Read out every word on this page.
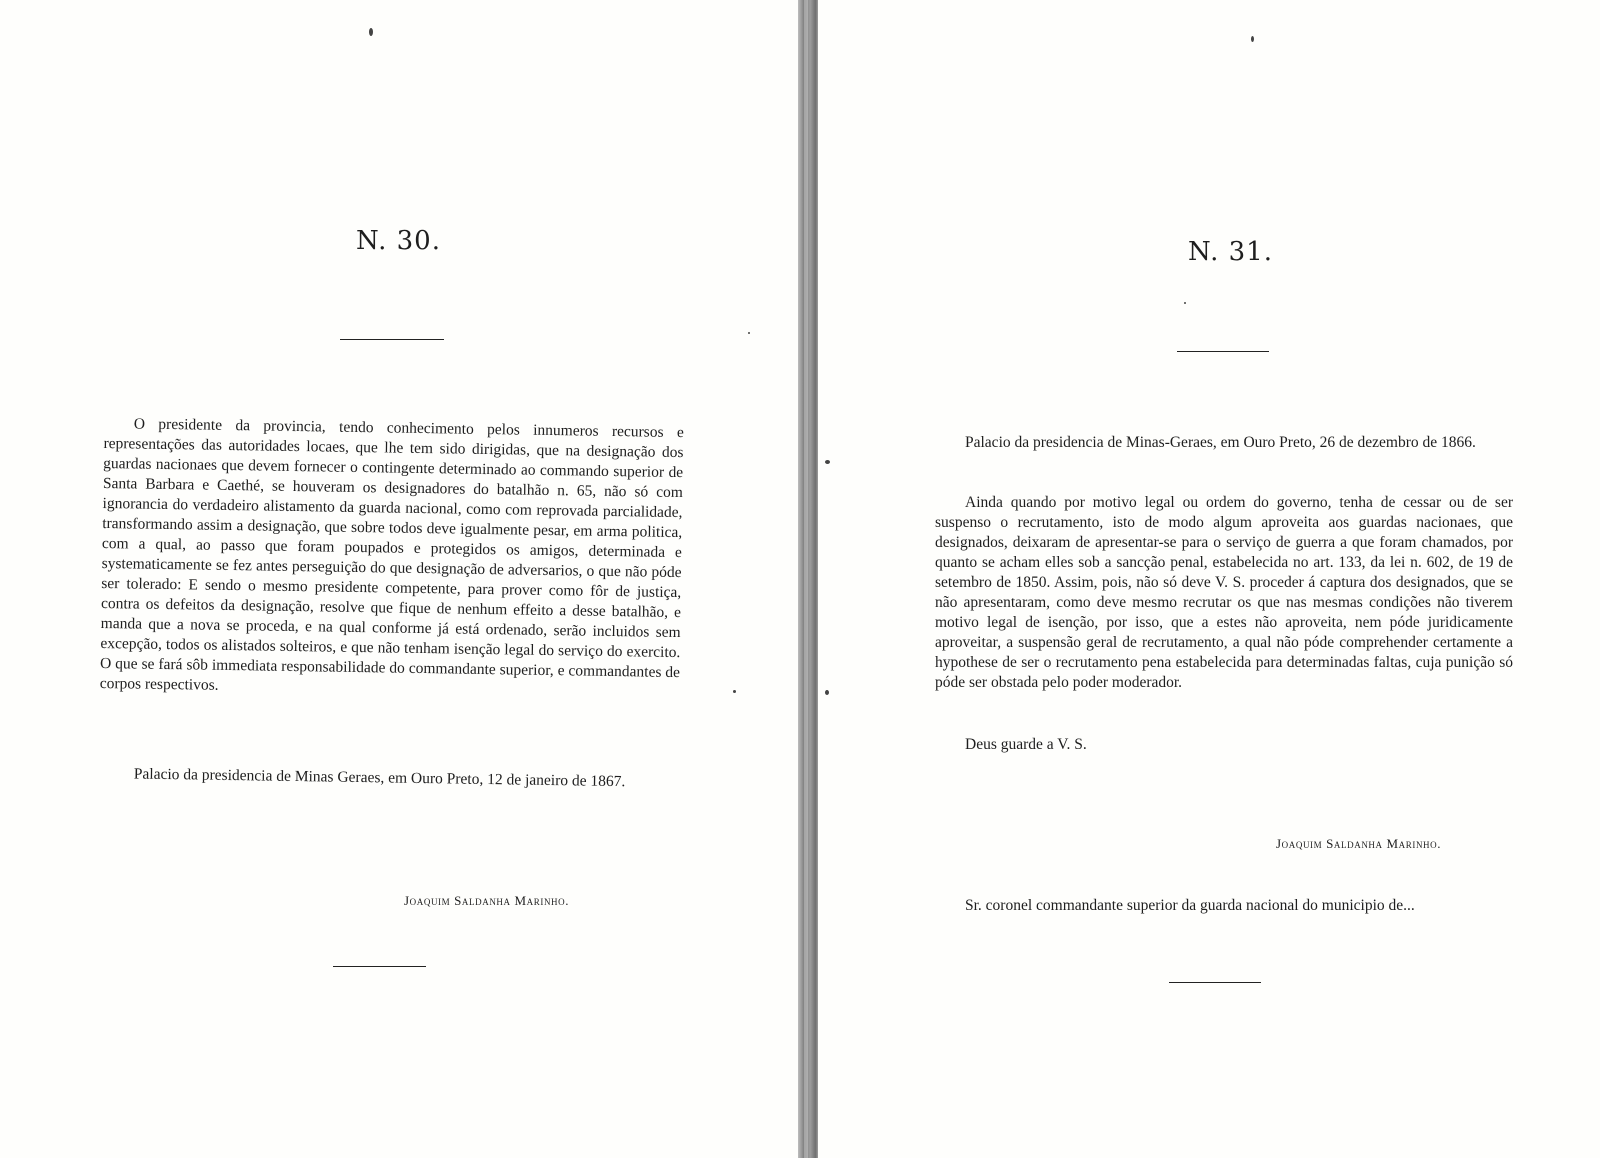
N. 30.

O presidente da provincia, tendo conhecimento pelos innumeros recursos e representações das autoridades locaes, que lhe tem sido dirigidas, que na designação dos guardas nacionaes que devem fornecer o contingente determinado ao commando superior de Santa Barbara e Caethé, se houveram os designadores do batalhão n. 65, não só com ignorancia do verdadeiro alistamento da guarda nacional, como com reprovada parcialidade, transformando assim a designação, que sobre todos deve igualmente pesar, em arma politica, com a qual, ao passo que foram poupados e protegidos os amigos, determinada e systematicamente se fez antes perseguição do que designação de adversarios, o que não póde ser tolerado: E sendo o mesmo presidente competente, para prover como fôr de justiça, contra os defeitos da designação, resolve que fique de nenhum effeito a desse batalhão, e manda que a nova se proceda, e na qual conforme já está ordenado, serão incluidos sem excepção, todos os alistados solteiros, e que não tenham isenção legal do serviço do exercito. O que se fará sôb immediata responsabilidade do commandante superior, e commandantes de corpos respectivos.

Palacio da presidencia de Minas Geraes, em Ouro Preto, 12 de janeiro de 1867.

Joaquim Saldanha Marinho.
N. 31.

Palacio da presidencia de Minas-Geraes, em Ouro Preto, 26 de dezembro de 1866.

Ainda quando por motivo legal ou ordem do governo, tenha de cessar ou de ser suspenso o recrutamento, isto de modo algum aproveita aos guardas nacionaes, que designados, deixaram de apresentar-se para o serviço de guerra a que foram chamados, por quanto se acham elles sob a sancção penal, estabelecida no art. 133, da lei n. 602, de 19 de setembro de 1850. Assim, pois, não só deve V. S. proceder á captura dos designados, que se não apresentaram, como deve mesmo recrutar os que nas mesmas condições não tiverem motivo legal de isenção, por isso, que a estes não aproveita, nem póde juridicamente aproveitar, a suspensão geral de recrutamento, a qual não póde comprehender certamente a hypothese de ser o recrutamento pena estabelecida para determinadas faltas, cuja punição só póde ser obstada pelo poder moderador.

Deus guarde a V. S.

Joaquim Saldanha Marinho.

Sr. coronel commandante superior da guarda nacional do municipio de...
